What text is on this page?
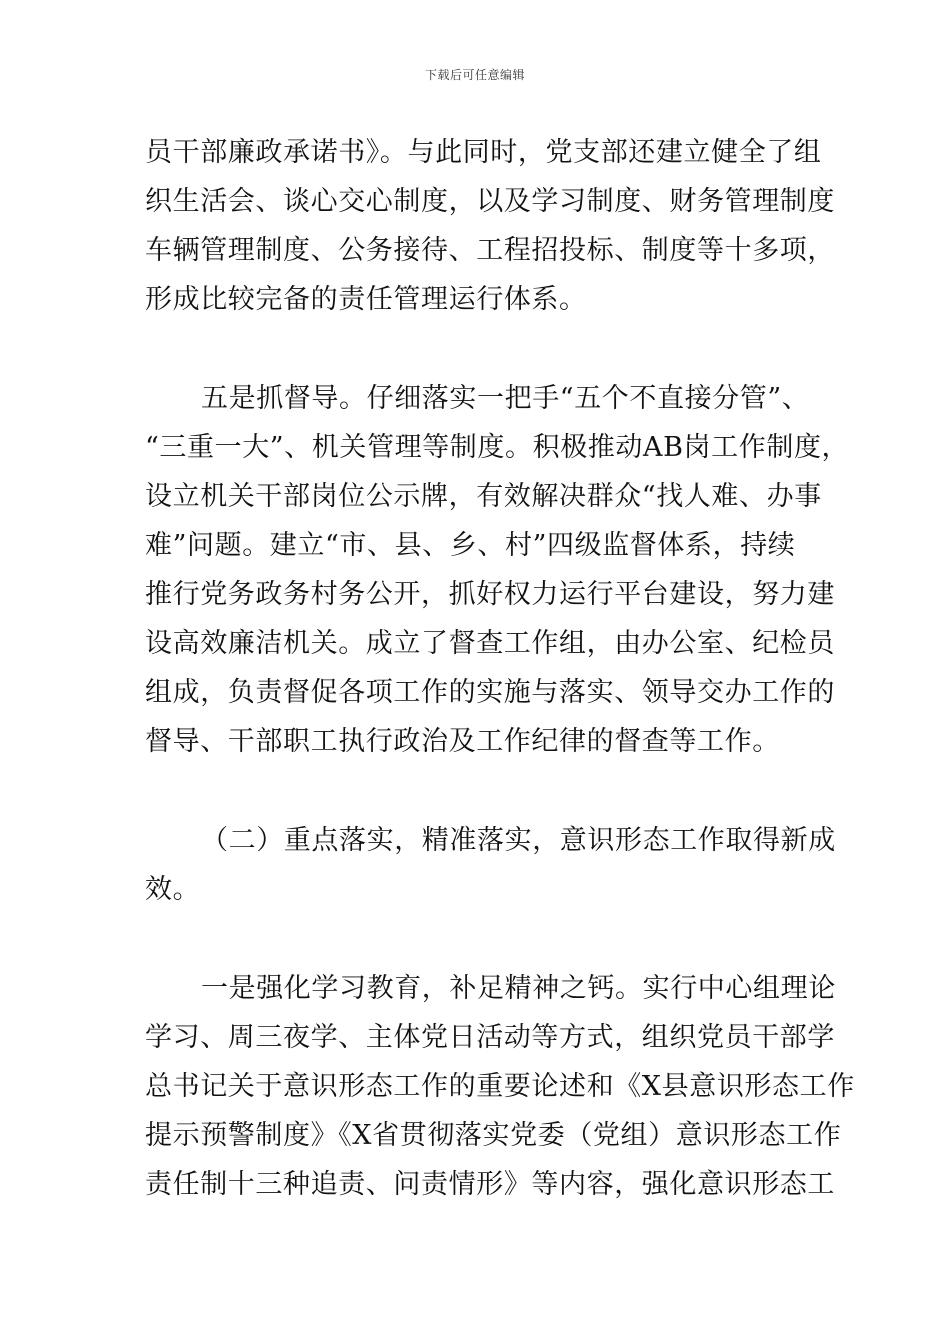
下载后可任意编辑
员干部廉政承诺书》。与此同时，党支部还建立健全了组
织生活会、谈心交心制度，以及学习制度、财务管理制度
车辆管理制度、公务接待、工程招投标、制度等十多项，
形成比较完备的责任管理运行体系。
五是抓督导。仔细落实一把手“五个不直接分管”、
“三重一大”、机关管理等制度。积极推动AB岗工作制度，
设立机关干部岗位公示牌，有效解决群众“找人难、办事
难”问题。建立“市、县、乡、村”四级监督体系，持续
推行党务政务村务公开，抓好权力运行平台建设，努力建
设高效廉洁机关。成立了督查工作组，由办公室、纪检员
组成，负责督促各项工作的实施与落实、领导交办工作的
督导、干部职工执行政治及工作纪律的督查等工作。
（二）重点落实，精准落实，意识形态工作取得新成
效。
一是强化学习教育，补足精神之钙。实行中心组理论
学习、周三夜学、主体党日活动等方式，组织党员干部学
总书记关于意识形态工作的重要论述和《X县意识形态工作
提示预警制度》《X省贯彻落实党委（党组）意识形态工作
责任制十三种追责、问责情形》等内容，强化意识形态工
